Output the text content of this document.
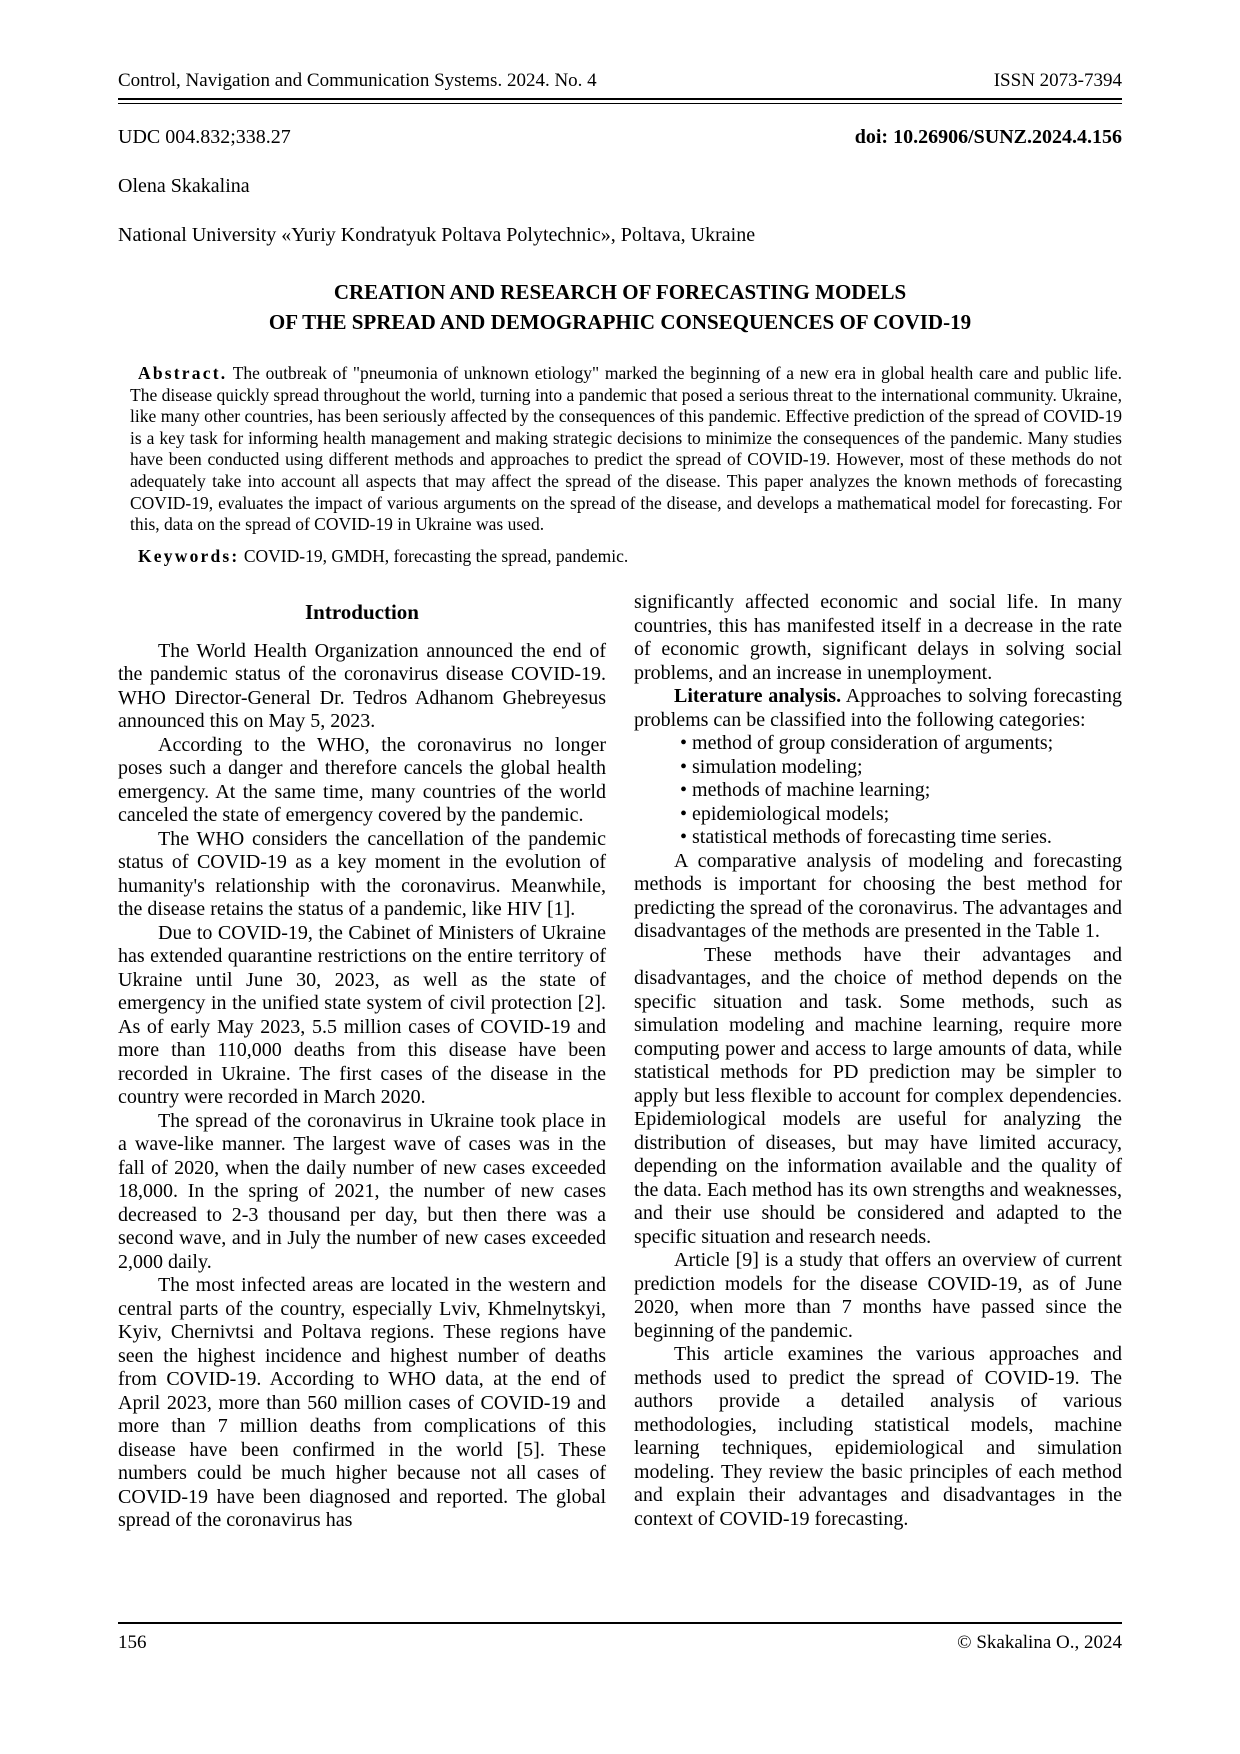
Control, Navigation and Communication Systems. 2024. No. 4	ISSN 2073-7394
UDC 004.832;338.27	doi: 10.26906/SUNZ.2024.4.156
Olena Skakalina
National University «Yuriy Kondratyuk Poltava Polytechnic», Poltava, Ukraine
CREATION AND RESEARCH OF FORECASTING MODELS
OF THE SPREAD AND DEMOGRAPHIC CONSEQUENCES OF COVID-19
Abstract. The outbreak of "pneumonia of unknown etiology" marked the beginning of a new era in global health care and public life. The disease quickly spread throughout the world, turning into a pandemic that posed a serious threat to the international community. Ukraine, like many other countries, has been seriously affected by the consequences of this pandemic. Effective prediction of the spread of COVID-19 is a key task for informing health management and making strategic decisions to minimize the consequences of the pandemic. Many studies have been conducted using different methods and approaches to predict the spread of COVID-19. However, most of these methods do not adequately take into account all aspects that may affect the spread of the disease. This paper analyzes the known methods of forecasting COVID-19, evaluates the impact of various arguments on the spread of the disease, and develops a mathematical model for forecasting. For this, data on the spread of COVID-19 in Ukraine was used.
Keywords: COVID-19, GMDH, forecasting the spread, pandemic.
Introduction

The World Health Organization announced the end of the pandemic status of the coronavirus disease COVID-19. WHO Director-General Dr. Tedros Adhanom Ghebreyesus announced this on May 5, 2023.

According to the WHO, the coronavirus no longer poses such a danger and therefore cancels the global health emergency. At the same time, many countries of the world canceled the state of emergency covered by the pandemic.

The WHO considers the cancellation of the pandemic status of COVID-19 as a key moment in the evolution of humanity's relationship with the coronavirus. Meanwhile, the disease retains the status of a pandemic, like HIV [1].

Due to COVID-19, the Cabinet of Ministers of Ukraine has extended quarantine restrictions on the entire territory of Ukraine until June 30, 2023, as well as the state of emergency in the unified state system of civil protection [2]. As of early May 2023, 5.5 million cases of COVID-19 and more than 110,000 deaths from this disease have been recorded in Ukraine. The first cases of the disease in the country were recorded in March 2020.

The spread of the coronavirus in Ukraine took place in a wave-like manner. The largest wave of cases was in the fall of 2020, when the daily number of new cases exceeded 18,000. In the spring of 2021, the number of new cases decreased to 2-3 thousand per day, but then there was a second wave, and in July the number of new cases exceeded 2,000 daily.

The most infected areas are located in the western and central parts of the country, especially Lviv, Khmelnytskyi, Kyiv, Chernivtsi and Poltava regions. These regions have seen the highest incidence and highest number of deaths from COVID-19. According to WHO data, at the end of April 2023, more than 560 million cases of COVID-19 and more than 7 million deaths from complications of this disease have been confirmed in the world [5]. These numbers could be much higher because not all cases of COVID-19 have been diagnosed and reported. The global spread of the coronavirus has

significantly affected economic and social life. In many countries, this has manifested itself in a decrease in the rate of economic growth, significant delays in solving social problems, and an increase in unemployment.

Literature analysis. Approaches to solving forecasting problems can be classified into the following categories:

• method of group consideration of arguments;
• simulation modeling;
• methods of machine learning;
• epidemiological models;
• statistical methods of forecasting time series.

A comparative analysis of modeling and forecasting methods is important for choosing the best method for predicting the spread of the coronavirus. The advantages and disadvantages of the methods are presented in the Table 1.

These methods have their advantages and disadvantages, and the choice of method depends on the specific situation and task. Some methods, such as simulation modeling and machine learning, require more computing power and access to large amounts of data, while statistical methods for PD prediction may be simpler to apply but less flexible to account for complex dependencies. Epidemiological models are useful for analyzing the distribution of diseases, but may have limited accuracy, depending on the information available and the quality of the data. Each method has its own strengths and weaknesses, and their use should be considered and adapted to the specific situation and research needs.

Article [9] is a study that offers an overview of current prediction models for the disease COVID-19, as of June 2020, when more than 7 months have passed since the beginning of the pandemic.

This article examines the various approaches and methods used to predict the spread of COVID-19. The authors provide a detailed analysis of various methodologies, including statistical models, machine learning techniques, epidemiological and simulation modeling. They review the basic principles of each method and explain their advantages and disadvantages in the context of COVID-19 forecasting.

156	© Skakalina O., 2024
